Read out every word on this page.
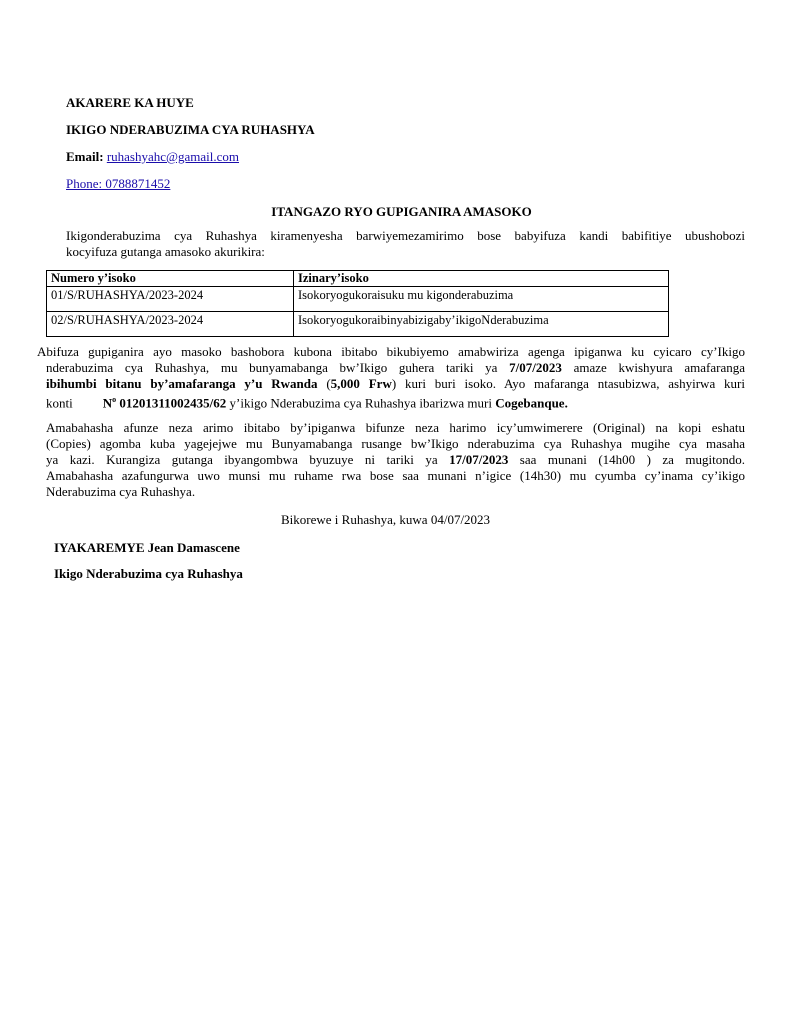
AKARERE KA HUYE
IKIGO NDERABUZIMA CYA RUHASHYA
Email: ruhashyahc@gamail.com
Phone: 0788871452
ITANGAZO RYO GUPIGANIRA AMASOKO
Ikigonderabuzima cya Ruhashya kiramenyesha barwiyemezamirimo bose babyifuza kandi babifitiye ubushobozi
kocyifuza gutanga amasoko akurikira:
Numero y’isoko	Izinary’isoko
01/S/RUHASHYA/2023-2024	Isokoryogukoraisuku mu kigonderabuzima
02/S/RUHASHYA/2023-2024	IsokoryogukoraibinyabizigabyʼikigoNderabuzima
Abifuza gupiganira ayo masoko bashobora kubona ibitabo bikubiyemo amabwiriza agenga ipiganwa ku cyicaro cy’Ikigo
nderabuzima cya Ruhashya, mu bunyamabanga bw’Ikigo guhera tariki ya 7/07/2023 amaze kwishyura amafaranga
ibihumbi bitanu by’amafaranga y’u Rwanda (5,000 Frw) kuri buri isoko. Ayo mafaranga ntasubizwa, ashyirwa kuri
konti $N^o$ 01201311002435/62 y’ikigo Nderabuzima cya Ruhashya ibarizwa muri Cogebanque.
Amabahasha afunze neza arimo ibitabo by’ipiganwa bifunze neza harimo icy’umwimerere (Original) na kopi eshatu
(Copies) agomba kuba yagejejwe mu Bunyamabanga rusange bw’Ikigo nderabuzima cya Ruhashya mugihe cya masaha
ya kazi. Kurangiza gutanga ibyangombwa byuzuye ni tariki ya 17/07/2023 saa munani (14h00 ) za mugitondo.
Amabahasha azafungurwa uwo munsi mu ruhame rwa bose saa munani n’igice (14h30) mu cyumba cy’inama cy’ikigo
Nderabuzima cya Ruhashya.
Bikorewe i Ruhashya, kuwa 04/07/2023
IYAKAREMYE Jean Damascene
Ikigo Nderabuzima cya Ruhashya
